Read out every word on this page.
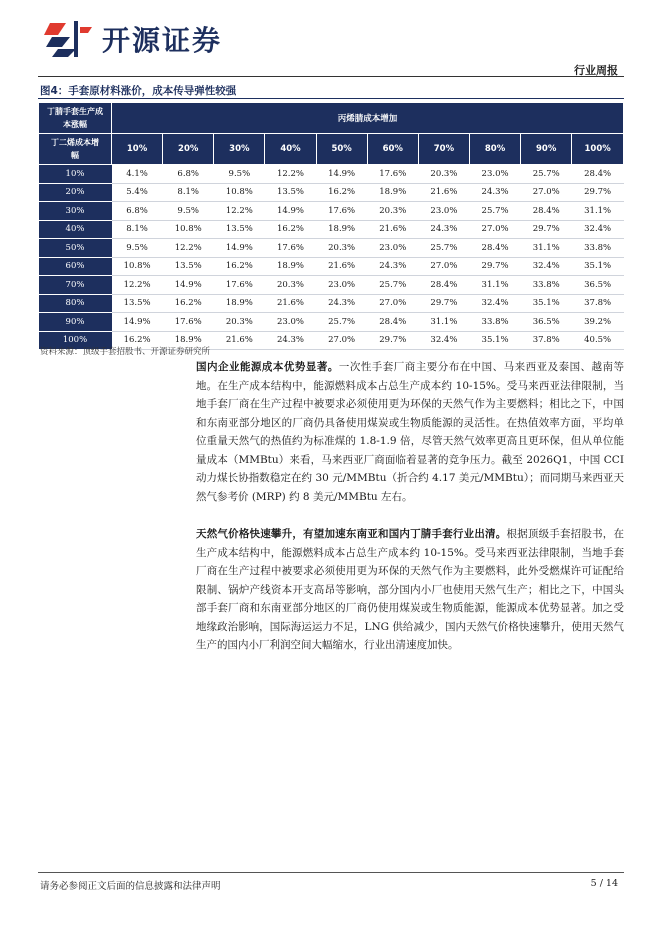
开源证券
行业周报
图4：手套原材料涨价，成本传导弹性较强
丁腈手套生产成本涨幅	丙烯腈成本增加									
丁二烯成本增幅	10%	20%	30%	40%	50%	60%	70%	80%	90%	100%
10%	4.1%	6.8%	9.5%	12.2%	14.9%	17.6%	20.3%	23.0%	25.7%	28.4%
20%	5.4%	8.1%	10.8%	13.5%	16.2%	18.9%	21.6%	24.3%	27.0%	29.7%
30%	6.8%	9.5%	12.2%	14.9%	17.6%	20.3%	23.0%	25.7%	28.4%	31.1%
40%	8.1%	10.8%	13.5%	16.2%	18.9%	21.6%	24.3%	27.0%	29.7%	32.4%
50%	9.5%	12.2%	14.9%	17.6%	20.3%	23.0%	25.7%	28.4%	31.1%	33.8%
60%	10.8%	13.5%	16.2%	18.9%	21.6%	24.3%	27.0%	29.7%	32.4%	35.1%
70%	12.2%	14.9%	17.6%	20.3%	23.0%	25.7%	28.4%	31.1%	33.8%	36.5%
80%	13.5%	16.2%	18.9%	21.6%	24.3%	27.0%	29.7%	32.4%	35.1%	37.8%
90%	14.9%	17.6%	20.3%	23.0%	25.7%	28.4%	31.1%	33.8%	36.5%	39.2%
100%	16.2%	18.9%	21.6%	24.3%	27.0%	29.7%	32.4%	35.1%	37.8%	40.5%
资料来源：顶级手套招股书、开源证券研究所
国内企业能源成本优势显著。一次性手套厂商主要分布在中国、马来西亚及泰国、越南等地。在生产成本结构中，能源燃料成本占总生产成本约 10-15%。受马来西亚法律限制，当地手套厂商在生产过程中被要求必须使用更为环保的天然气作为主要燃料；相比之下，中国和东南亚部分地区的厂商仍具备使用煤炭或生物质能源的灵活性。在热值效率方面，平均单位重量天然气的热值约为标准煤的 1.8-1.9 倍，尽管天然气效率更高且更环保，但从单位能量成本（MMBtu）来看，马来西亚厂商面临着显著的竞争压力。截至 2026Q1，中国 CCI 动力煤长协指数稳定在约 30 元/MMBtu（折合约 4.17 美元/MMBtu）；而同期马来西亚天然气参考价 (MRP) 约 8 美元/MMBtu 左右。
天然气价格快速攀升，有望加速东南亚和国内丁腈手套行业出清。根据顶级手套招股书，在生产成本结构中，能源燃料成本占总生产成本约 10-15%。受马来西亚法律限制，当地手套厂商在生产过程中被要求必须使用更为环保的天然气作为主要燃料，此外受燃煤许可证配给限制、锅炉产线资本开支高昂等影响，部分国内小厂也使用天然气生产；相比之下，中国头部手套厂商和东南亚部分地区的厂商仍使用煤炭或生物质能源，能源成本优势显著。加之受地缘政治影响，国际海运运力不足，LNG 供给减少，国内天然气价格快速攀升，使用天然气生产的国内小厂利润空间大幅缩水，行业出清速度加快。
请务必参阅正文后面的信息披露和法律声明	5 / 14
